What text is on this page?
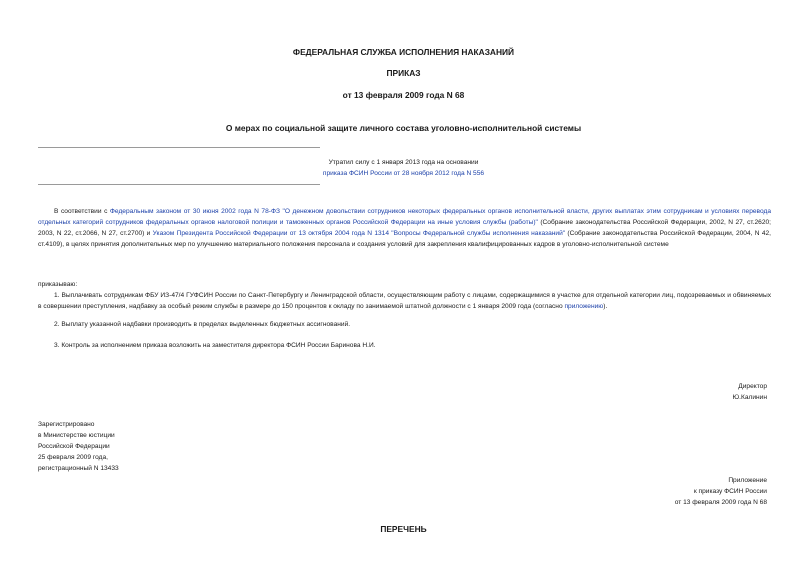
ФЕДЕРАЛЬНАЯ СЛУЖБА ИСПОЛНЕНИЯ НАКАЗАНИЙ
ПРИКАЗ
от 13 февраля 2009 года N 68
О мерах по социальной защите личного состава уголовно-исполнительной системы
Утратил силу с 1 января 2013 года на основании
приказа ФСИН России от 28 ноября 2012 года N 556
В соответствии с Федеральным законом от 30 июня 2002 года N 78-ФЗ "О денежном довольствии сотрудников некоторых федеральных органов исполнительной власти, других выплатах этим сотрудникам и условиях перевода отдельных категорий сотрудников федеральных органов налоговой полиции и таможенных органов Российской Федерации на иные условия службы (работы)" (Собрание законодательства Российской Федерации, 2002, N 27, ст.2620; 2003, N 22, ст.2066, N 27, ст.2700) и Указом Президента Российской Федерации от 13 октября 2004 года N 1314 "Вопросы Федеральной службы исполнения наказаний" (Собрание законодательства Российской Федерации, 2004, N 42, ст.4109), в целях принятия дополнительных мер по улучшению материального положения персонала и создания условий для закрепления квалифицированных кадров в уголовно-исполнительной системе
приказываю:
1. Выплачивать сотрудникам ФБУ ИЗ-47/4 ГУФСИН России по Санкт-Петербургу и Ленинградской области, осуществляющим работу с лицами, содержащимися в участке для отдельной категории лиц, подозреваемых и обвиняемых в совершении преступления, надбавку за особый режим службы в размере до 150 процентов к окладу по занимаемой штатной должности с 1 января 2009 года (согласно приложению).
2. Выплату указанной надбавки производить в пределах выделенных бюджетных ассигнований.
3. Контроль за исполнением приказа возложить на заместителя директора ФСИН России Баринова Н.И.
Директор
Ю.Калинин
Зарегистрировано
в Министерстве юстиции
Российской Федерации
25 февраля 2009 года,
регистрационный N 13433
Приложение
к приказу ФСИН России
от 13 февраля 2009 года N 68
ПЕРЕЧЕНЬ
